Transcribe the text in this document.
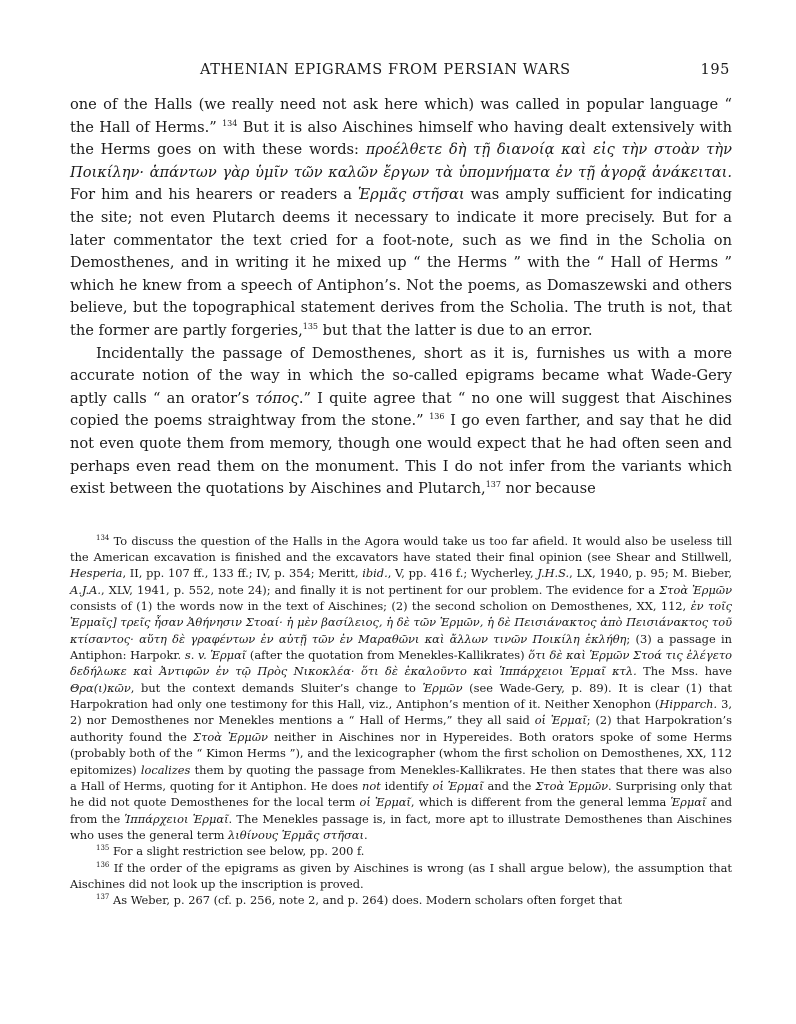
ATHENIAN EPIGRAMS FROM PERSIAN WARS	195

one of the Halls (we really need not ask here which) was called in popular language “ the Hall of Herms.” $^{134}$ But it is also Aischines himself who having dealt extensively with the Herms goes on with these words: προέλθετε δὴ τῇ διανοίᾳ καὶ εἰς τὴν στοὰν τὴν Ποικίλην· ἁπάντων γὰρ ὑμῖν τῶν καλῶν ἔργων τὰ ὑπομνήματα ἐν τῇ ἀγορᾷ ἀνάκειται. For him and his hearers or readers a Ἑρμᾶς στῆσαι was amply sufficient for indicating the site; not even Plutarch deems it necessary to indicate it more precisely. But for a later commentator the text cried for a foot-note, such as we find in the Scholia on Demosthenes, and in writing it he mixed up “ the Herms ” with the “ Hall of Herms ” which he knew from a speech of Antiphon’s. Not the poems, as Domaszewski and others believe, but the topographical statement derives from the Scholia. The truth is not, that the former are partly forgeries,$^{135}$ but that the latter is due to an error.

Incidentally the passage of Demosthenes, short as it is, furnishes us with a more accurate notion of the way in which the so-called epigrams became what Wade-Gery aptly calls “ an orator’s τόπος.” I quite agree that “ no one will suggest that Aischines copied the poems straightway from the stone.” $^{136}$ I go even farther, and say that he did not even quote them from memory, though one would expect that he had often seen and perhaps even read them on the monument. This I do not infer from the variants which exist between the quotations by Aischines and Plutarch,$^{137}$ nor because

$^{134}$ To discuss the question of the Halls in the Agora would take us too far afield. It would also be useless till the American excavation is finished and the excavators have stated their final opinion (see Shear and Stillwell, Hesperia, II, pp. 107 ff., 133 ff.; IV, p. 354; Meritt, ibid., V, pp. 416 f.; Wycherley, J.H.S., LX, 1940, p. 95; M. Bieber, A.J.A., XLV, 1941, p. 552, note 24); and finally it is not pertinent for our problem. The evidence for a Στοὰ Ἑρμῶν consists of (1) the words now in the text of Aischines; (2) the second scholion on Demosthenes, XX, 112, ἐν τοῖς Ἑρμαῖς] τρεῖς ἦσαν Ἀθήνησιν Στοαί· ἡ μὲν βασίλειος, ἡ δὲ τῶν Ἑρμῶν, ἡ δὲ Πεισιάνακτος ἀπὸ Πεισιάνακτος τοῦ κτίσαντος· αὕτη δὲ γραφέντων ἐν αὐτῇ τῶν ἐν Μαραθῶνι καὶ ἄλλων τινῶν Ποικίλη ἐκλήθη; (3) a passage in Antiphon: Harpokr. s. v. Ἑρμαῖ (after the quotation from Menekles-Kallikrates) ὅτι δὲ καὶ Ἑρμῶν Στοά τις ἐλέγετο δεδήλωκε καὶ Ἀντιφῶν ἐν τῷ Πρὸς Νικοκλέα· ὅτι δὲ ἐκαλοῦντο καὶ Ἱππάρχειοι Ἑρμαῖ κτλ. The Mss. have Θρα(ι)κῶν, but the context demands Sluiter’s change to Ἑρμῶν (see Wade-Gery, p. 89). It is clear (1) that Harpokration had only one testimony for this Hall, viz., Antiphon’s mention of it. Neither Xenophon (Hipparch. 3, 2) nor Demosthenes nor Menekles mentions a “ Hall of Herms,” they all said οἱ Ἑρμαῖ; (2) that Harpokration’s authority found the Στοὰ Ἑρμῶν neither in Aischines nor in Hypereides. Both orators spoke of some Herms (probably both of the “ Kimon Herms ”), and the lexicographer (whom the first scholion on Demosthenes, XX, 112 epitomizes) localizes them by quoting the passage from Menekles-Kallikrates. He then states that there was also a Hall of Herms, quoting for it Antiphon. He does not identify οἱ Ἑρμαῖ and the Στοὰ Ἑρμῶν. Surprising only that he did not quote Demosthenes for the local term οἱ Ἑρμαῖ, which is different from the general lemma Ἑρμαῖ and from the Ἱππάρχειοι Ἑρμαῖ. The Menekles passage is, in fact, more apt to illustrate Demosthenes than Aischines who uses the general term λιθίνους Ἑρμᾶς στῆσαι.

$^{135}$ For a slight restriction see below, pp. 200 f.

$^{136}$ If the order of the epigrams as given by Aischines is wrong (as I shall argue below), the assumption that Aischines did not look up the inscription is proved.

$^{137}$ As Weber, p. 267 (cf. p. 256, note 2, and p. 264) does. Modern scholars often forget that
